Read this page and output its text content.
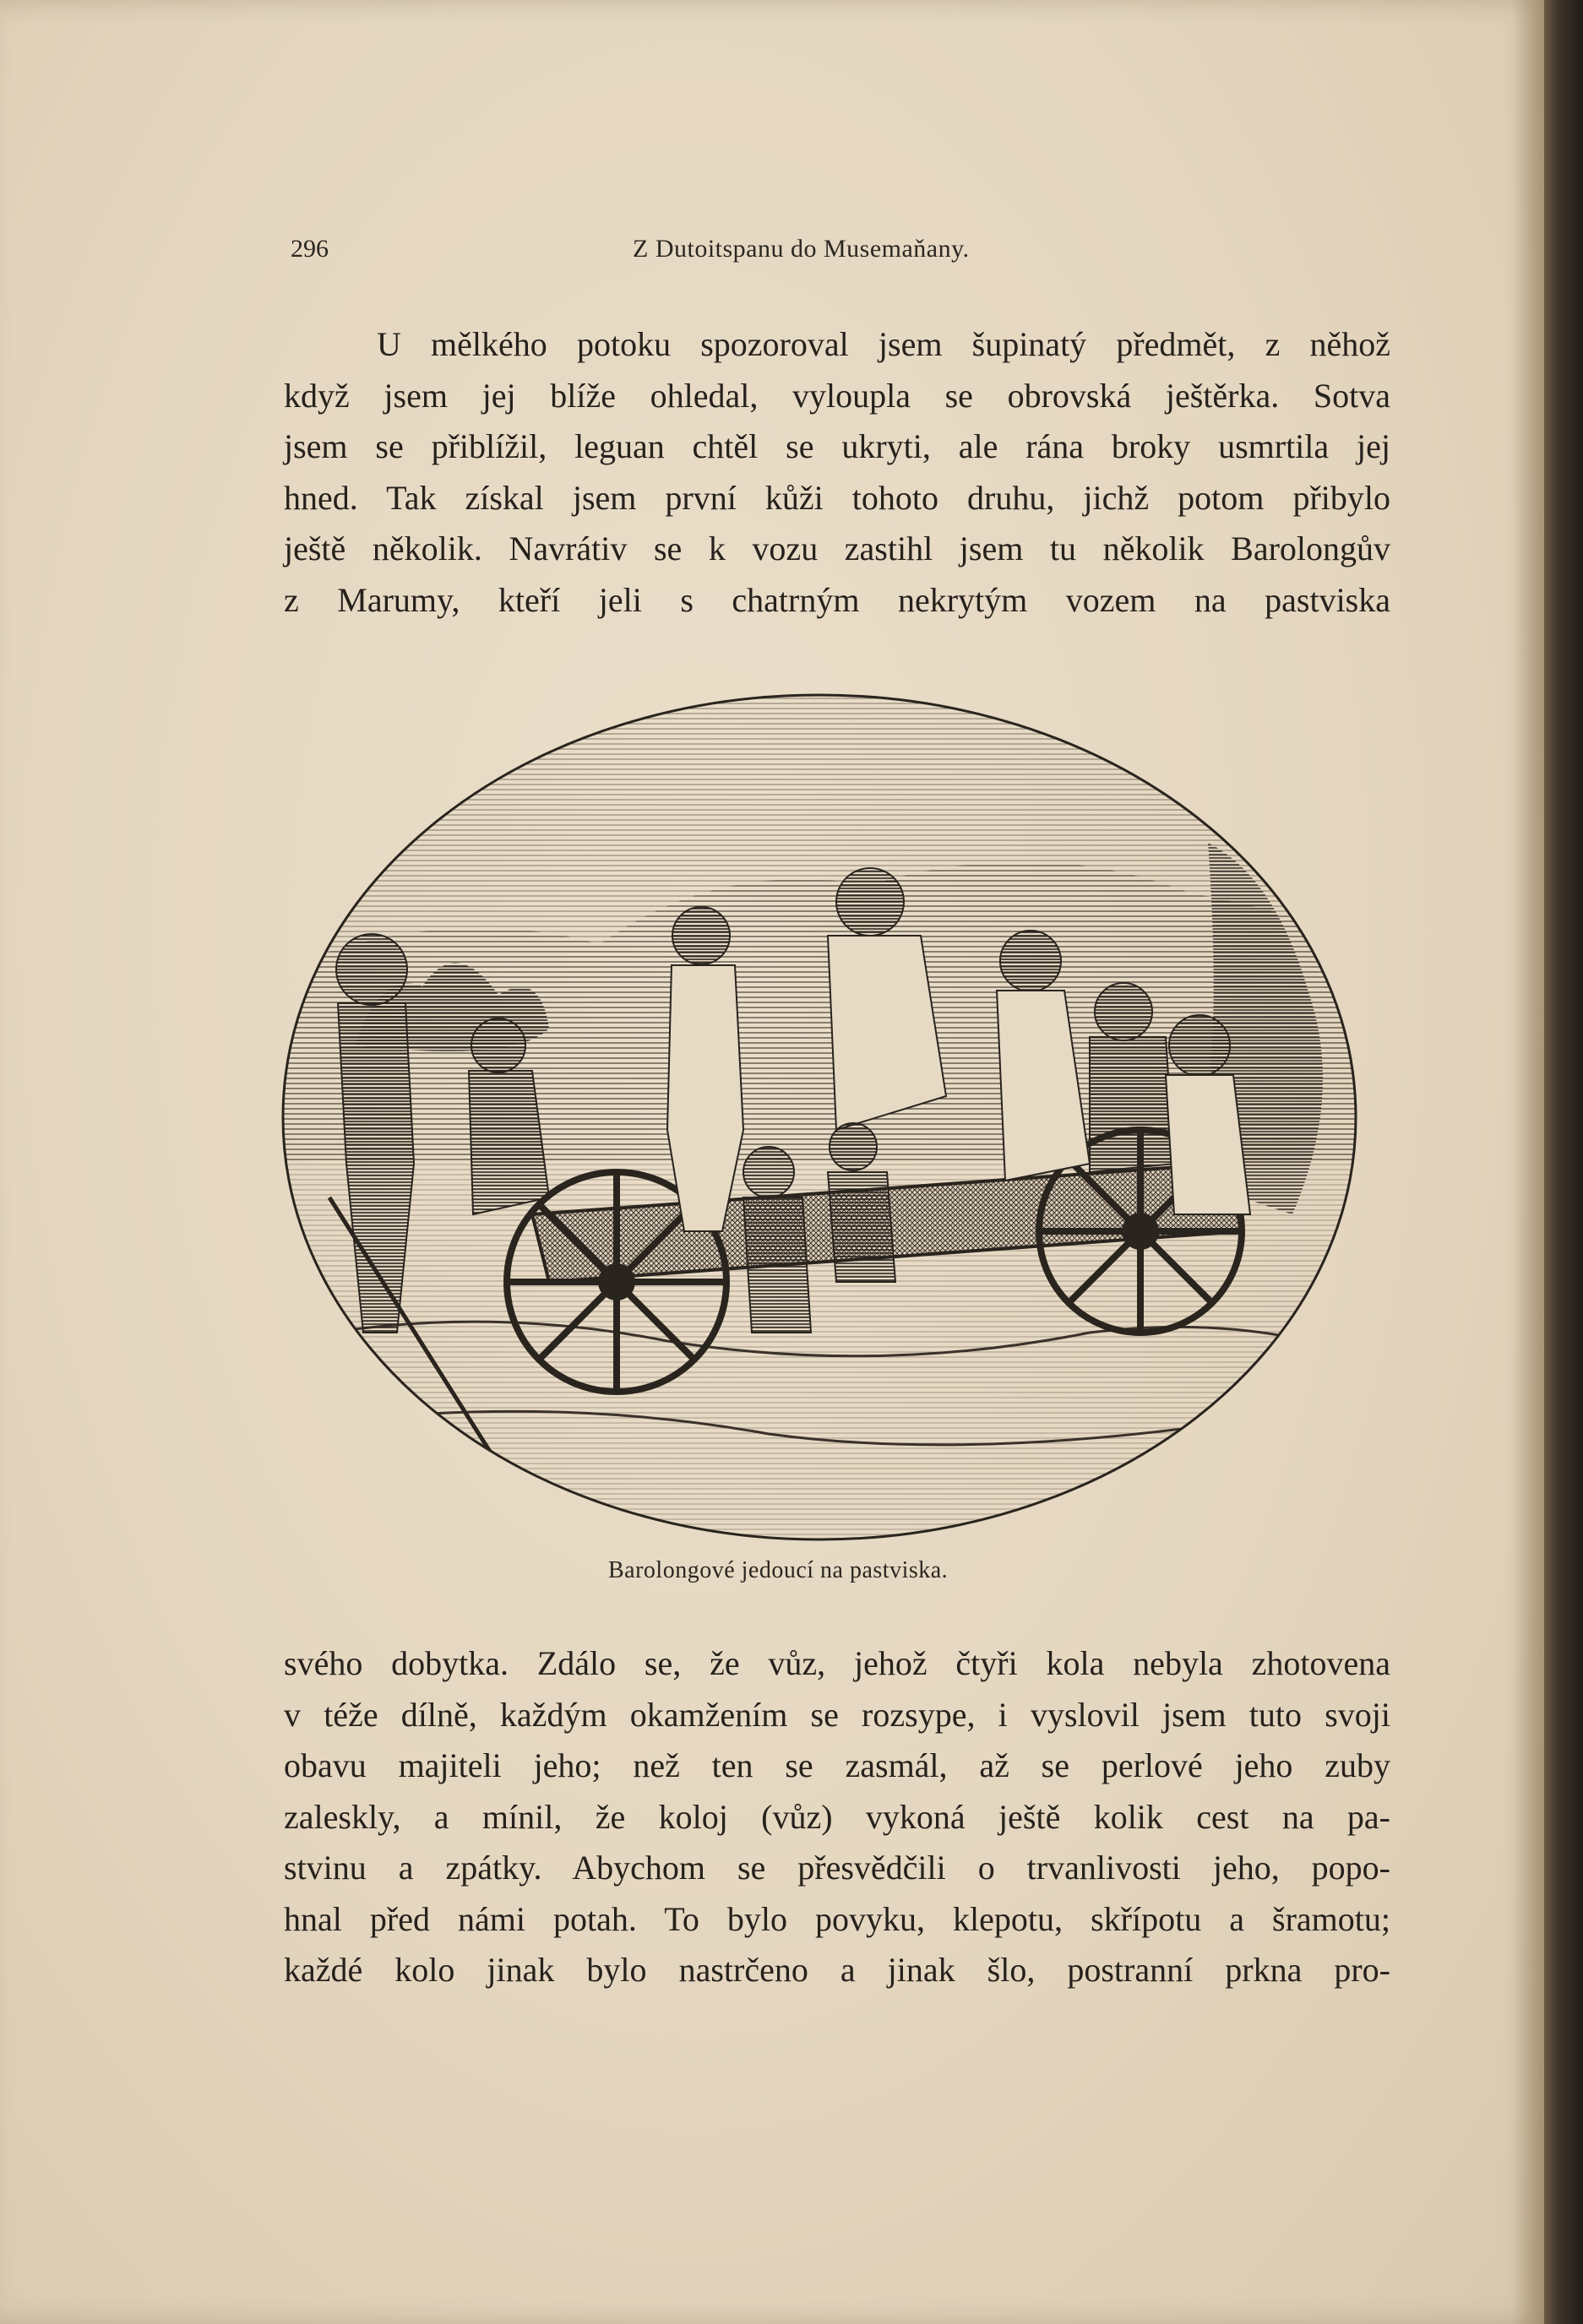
296	Z Dutoitspanu do Musemaňany.
U mělkého potoku spozoroval jsem šupinatý předmět, z něhož
když jsem jej blíže ohledal, vyloupla se obrovská ještěrka. Sotva
jsem se přiblížil, leguan chtěl se ukryti, ale rána broky usmrtila jej
hned. Tak získal jsem první kůži tohoto druhu, jichž potom přibylo
ještě několik. Navrátiv se k vozu zastihl jsem tu několik Barolongův
z Marumy, kteří jeli s chatrným nekrytým vozem na pastviska
Barolongové jedoucí na pastviska.
svého dobytka. Zdálo se, že vůz, jehož čtyři kola nebyla zhotovena
v téže dílně, každým okamžením se rozsype, i vyslovil jsem tuto svoji
obavu majiteli jeho; než ten se zasmál, až se perlové jeho zuby
zaleskly, a mínil, že koloj (vůz) vykoná ještě kolik cest na pa-
stvinu a zpátky. Abychom se přesvědčili o trvanlivosti jeho, popo-
hnal před námi potah. To bylo povyku, klepotu, skřípotu a šramotu;
každé kolo jinak bylo nastrčeno a jinak šlo, postranní prkna pro-
